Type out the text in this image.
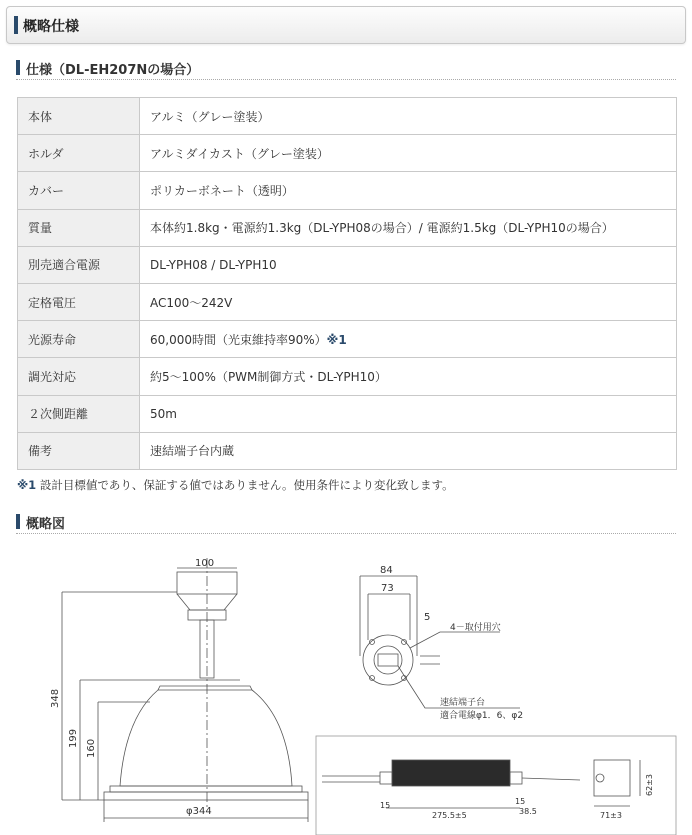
概略仕様
仕様（DL-EH207Nの場合）
本体	アルミ（グレー塗装）
ホルダ	アルミダイカスト（グレー塗装）
カバー	ポリカーボネート（透明）
質量	本体約1.8kg・電源約1.3kg（DL-YPH08の場合）/ 電源約1.5kg（DL-YPH10の場合）
別売適合電源	DL-YPH08 / DL-YPH10
定格電圧	AC100～242V
光源寿命	60,000時間（光束維持率90%）※1
調光対応	約5～100%（PWM制御方式・DL-YPH10）
２次側距離	50m
備考	速結端子台内蔵
※1 設計目標値であり、保証する値ではありません。使用条件により変化致します。
概略図
100
348
199
160
φ344
84
73
5
4－取付用穴
速結端子台
適合電線φ1．6、φ2
275.5±5
15	15
38.5	71±3
62±3
